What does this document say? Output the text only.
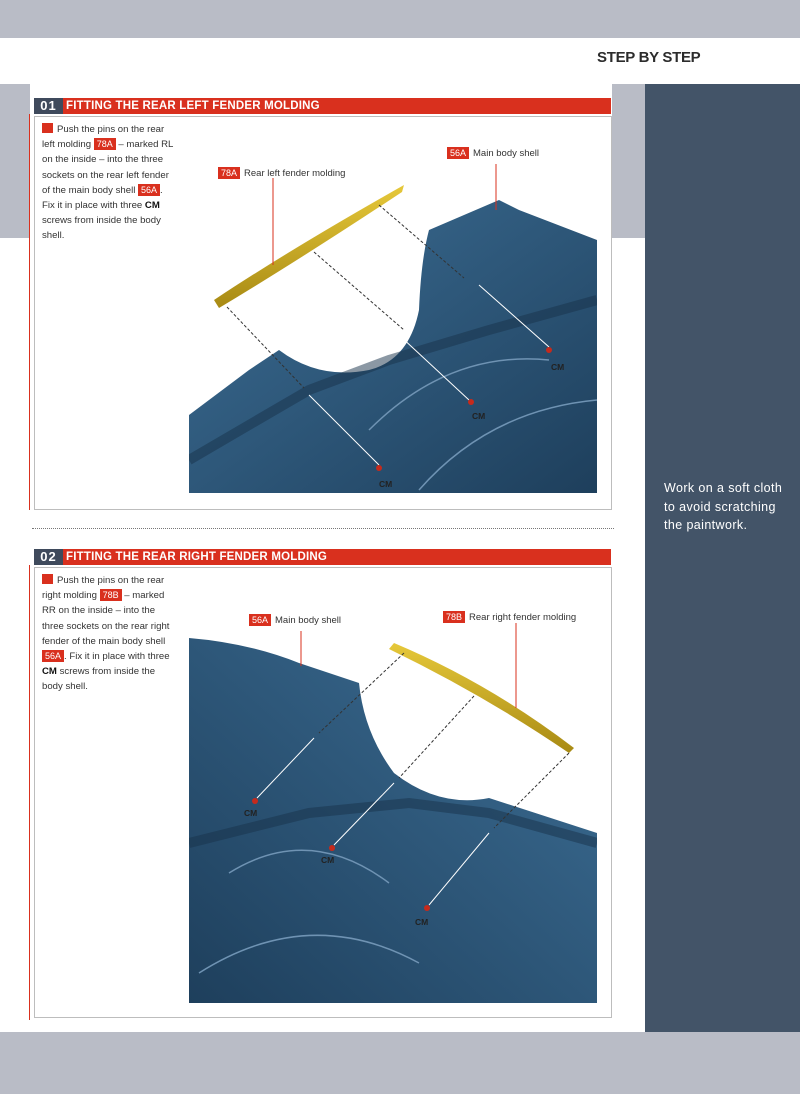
STEP BY STEP
Work on a soft cloth to avoid scratching the paintwork.
01 FITTING THE REAR LEFT FENDER MOLDING
Push the pins on the rear left molding 78A – marked RL on the inside – into the three sockets on the rear left fender of the main body shell 56A . Fix it in place with three CM screws from inside the body shell.
78A Rear left fender molding
56A Main body shell
CM
CM
CM
02 FITTING THE REAR RIGHT FENDER MOLDING
Push the pins on the rear right molding 78B – marked RR on the inside – into the three sockets on the rear right fender of the main body shell 56A . Fix it in place with three CM screws from inside the body shell.
56A Main body shell	78B Rear right fender molding
CM
CM
CM
